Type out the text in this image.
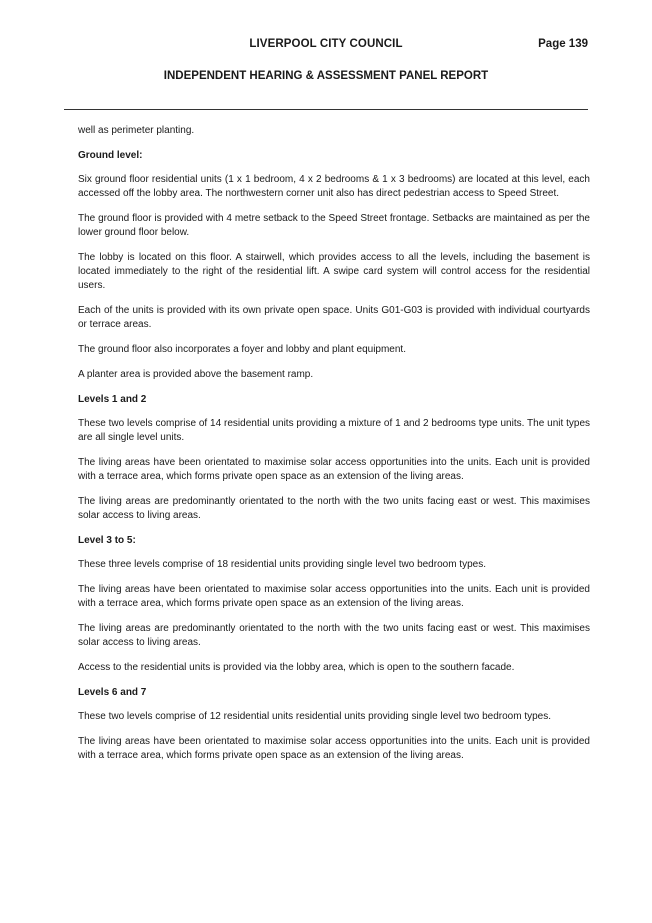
LIVERPOOL CITY COUNCIL	Page 139
INDEPENDENT HEARING & ASSESSMENT PANEL REPORT

well as perimeter planting.

Ground level:

Six ground floor residential units (1 x 1 bedroom, 4 x 2 bedrooms & 1 x 3 bedrooms) are located at this level, each accessed off the lobby area. The northwestern corner unit also has direct pedestrian access to Speed Street.

The ground floor is provided with 4 metre setback to the Speed Street frontage. Setbacks are maintained as per the lower ground floor below.

The lobby is located on this floor. A stairwell, which provides access to all the levels, including the basement is located immediately to the right of the residential lift. A swipe card system will control access for the residential users.

Each of the units is provided with its own private open space. Units G01-G03 is provided with individual courtyards or terrace areas.

The ground floor also incorporates a foyer and lobby and plant equipment.

A planter area is provided above the basement ramp.

Levels 1 and 2

These two levels comprise of 14 residential units providing a mixture of 1 and 2 bedrooms type units. The unit types are all single level units.

The living areas have been orientated to maximise solar access opportunities into the units. Each unit is provided with a terrace area, which forms private open space as an extension of the living areas.

The living areas are predominantly orientated to the north with the two units facing east or west. This maximises solar access to living areas.

Level 3 to 5:

These three levels comprise of 18 residential units providing single level two bedroom types.

The living areas have been orientated to maximise solar access opportunities into the units. Each unit is provided with a terrace area, which forms private open space as an extension of the living areas.

The living areas are predominantly orientated to the north with the two units facing east or west. This maximises solar access to living areas.

Access to the residential units is provided via the lobby area, which is open to the southern facade.

Levels 6 and 7

These two levels comprise of 12 residential units residential units providing single level two bedroom types.

The living areas have been orientated to maximise solar access opportunities into the units. Each unit is provided with a terrace area, which forms private open space as an extension of the living areas.
